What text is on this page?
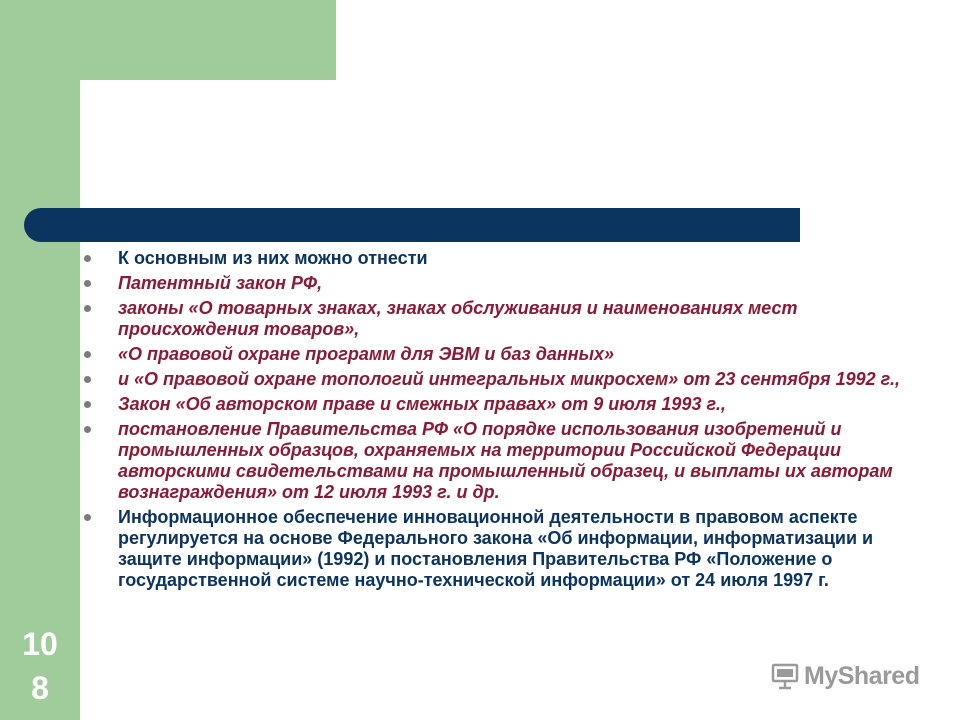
К основным из них можно отнести
Патентный закон РФ,
законы «О товарных знаках, знаках обслуживания и наименованиях мест происхождения товаров»,
«О правовой охране программ для ЭВМ и баз данных»
и «О правовой охране топологий интегральных микросхем» от 23 сентября 1992 г.,
Закон «Об авторском праве и смежных правах» от 9 июля 1993 г.,
постановление Правительства РФ «О порядке использования изобретений и промышленных образцов, охраняемых на территории Российской Федерации авторскими свидетельствами на промышленный образец, и выплаты их авторам вознаграждения» от 12 июля 1993 г. и др.
Информационное обеспечение инновационной деятельности в правовом аспекте регулируется на основе Федерального закона «Об информации, информатизации и защите информации» (1992) и постановления Правительства РФ «Положение о государственной системе научно-технической информации» от 24 июля 1997 г.
10
8	MyShared
